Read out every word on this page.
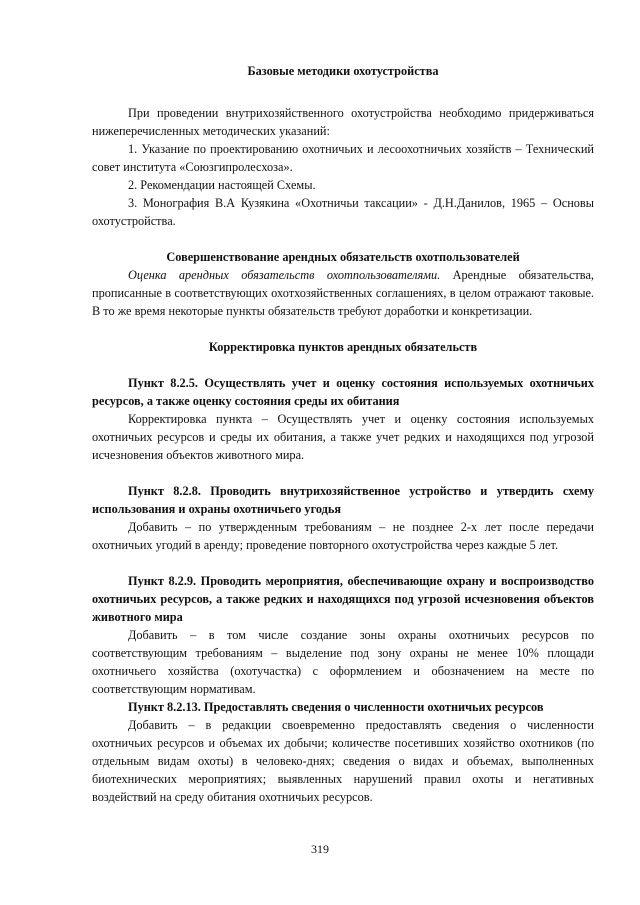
Базовые методики охотустройства

При проведении внутрихозяйственного охотустройства необходимо придерживаться нижеперечисленных методических указаний:

1. Указание по проектированию охотничьих и лесоохотничьих хозяйств – Технический совет института «Союзгипролесхоза».

2. Рекомендации настоящей Схемы.

3. Монография В.А Кузякина «Охотничьи таксации» - Д.Н.Данилов, 1965 – Основы охотустройства.

Совершенствование арендных обязательств охотпользователей

Оценка арендных обязательств охотпользователями. Арендные обязательства, прописанные в соответствующих охотхозяйственных соглашениях, в целом отражают таковые. В то же время некоторые пункты обязательств требуют доработки и конкретизации.

Корректировка пунктов арендных обязательств

Пункт 8.2.5. Осуществлять учет и оценку состояния используемых охотничьих ресурсов, а также оценку состояния среды их обитания

Корректировка пункта – Осуществлять учет и оценку состояния используемых охотничьих ресурсов и среды их обитания, а также учет редких и находящихся под угрозой исчезновения объектов животного мира.

Пункт 8.2.8. Проводить внутрихозяйственное устройство и утвердить схему использования и охраны охотничьего угодья

Добавить – по утвержденным требованиям – не позднее 2-х лет после передачи охотничьих угодий в аренду; проведение повторного охотустройства через каждые 5 лет.

Пункт 8.2.9. Проводить мероприятия, обеспечивающие охрану и воспроизводство охотничьих ресурсов, а также редких и находящихся под угрозой исчезновения объектов животного мира

Добавить – в том числе создание зоны охраны охотничьих ресурсов по соответствующим требованиям – выделение под зону охраны не менее 10% площади охотничьего хозяйства (охотучастка) с оформлением и обозначением на месте по соответствующим нормативам.

Пункт 8.2.13. Предоставлять сведения о численности охотничьих ресурсов

Добавить – в редакции своевременно предоставлять сведения о численности охотничьих ресурсов и объемах их добычи; количестве посетивших хозяйство охотников (по отдельным видам охоты) в человеко-днях; сведения о видах и объемах, выполненных биотехнических мероприятиях; выявленных нарушений правил охоты и негативных воздействий на среду обитания охотничьих ресурсов.

319
